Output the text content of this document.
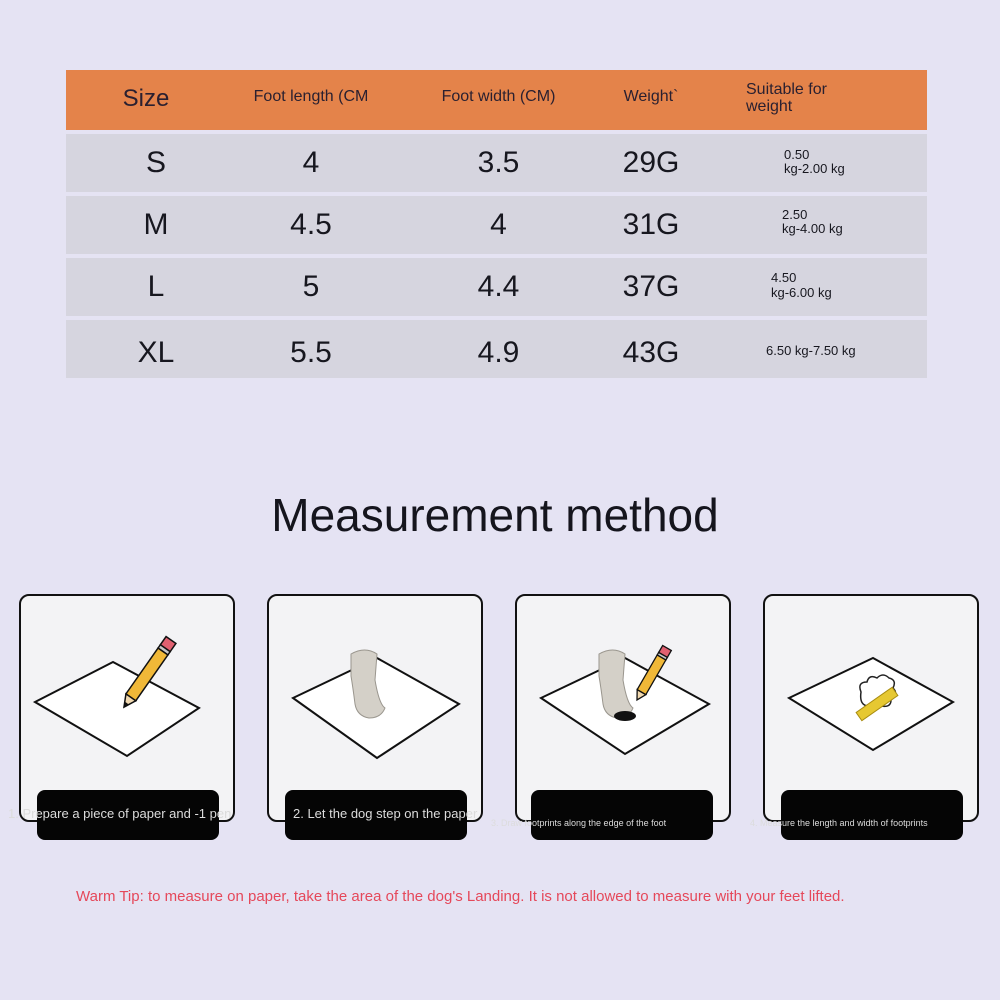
Size	Foot length (CM	Foot width (CM)	Weight`	Suitable for weight
S	4	3.5	29G	0.50
kg-2.00 kg
M	4.5	4	31G	2.50
kg-4.00 kg
L	5	4.4	37G	4.50
kg-6.00 kg
XL	5.5	4.9	43G	6.50 kg-7.50 kg
Measurement method
1. Prepare a piece of paper and -1 pen	2. Let the dog step on the paper
3. Draw footprints along the edge of the foot	4. Measure the length and width of footprints
Warm Tip: to measure on paper, take the area of the dog's Landing. It is not allowed to measure with your feet lifted.
